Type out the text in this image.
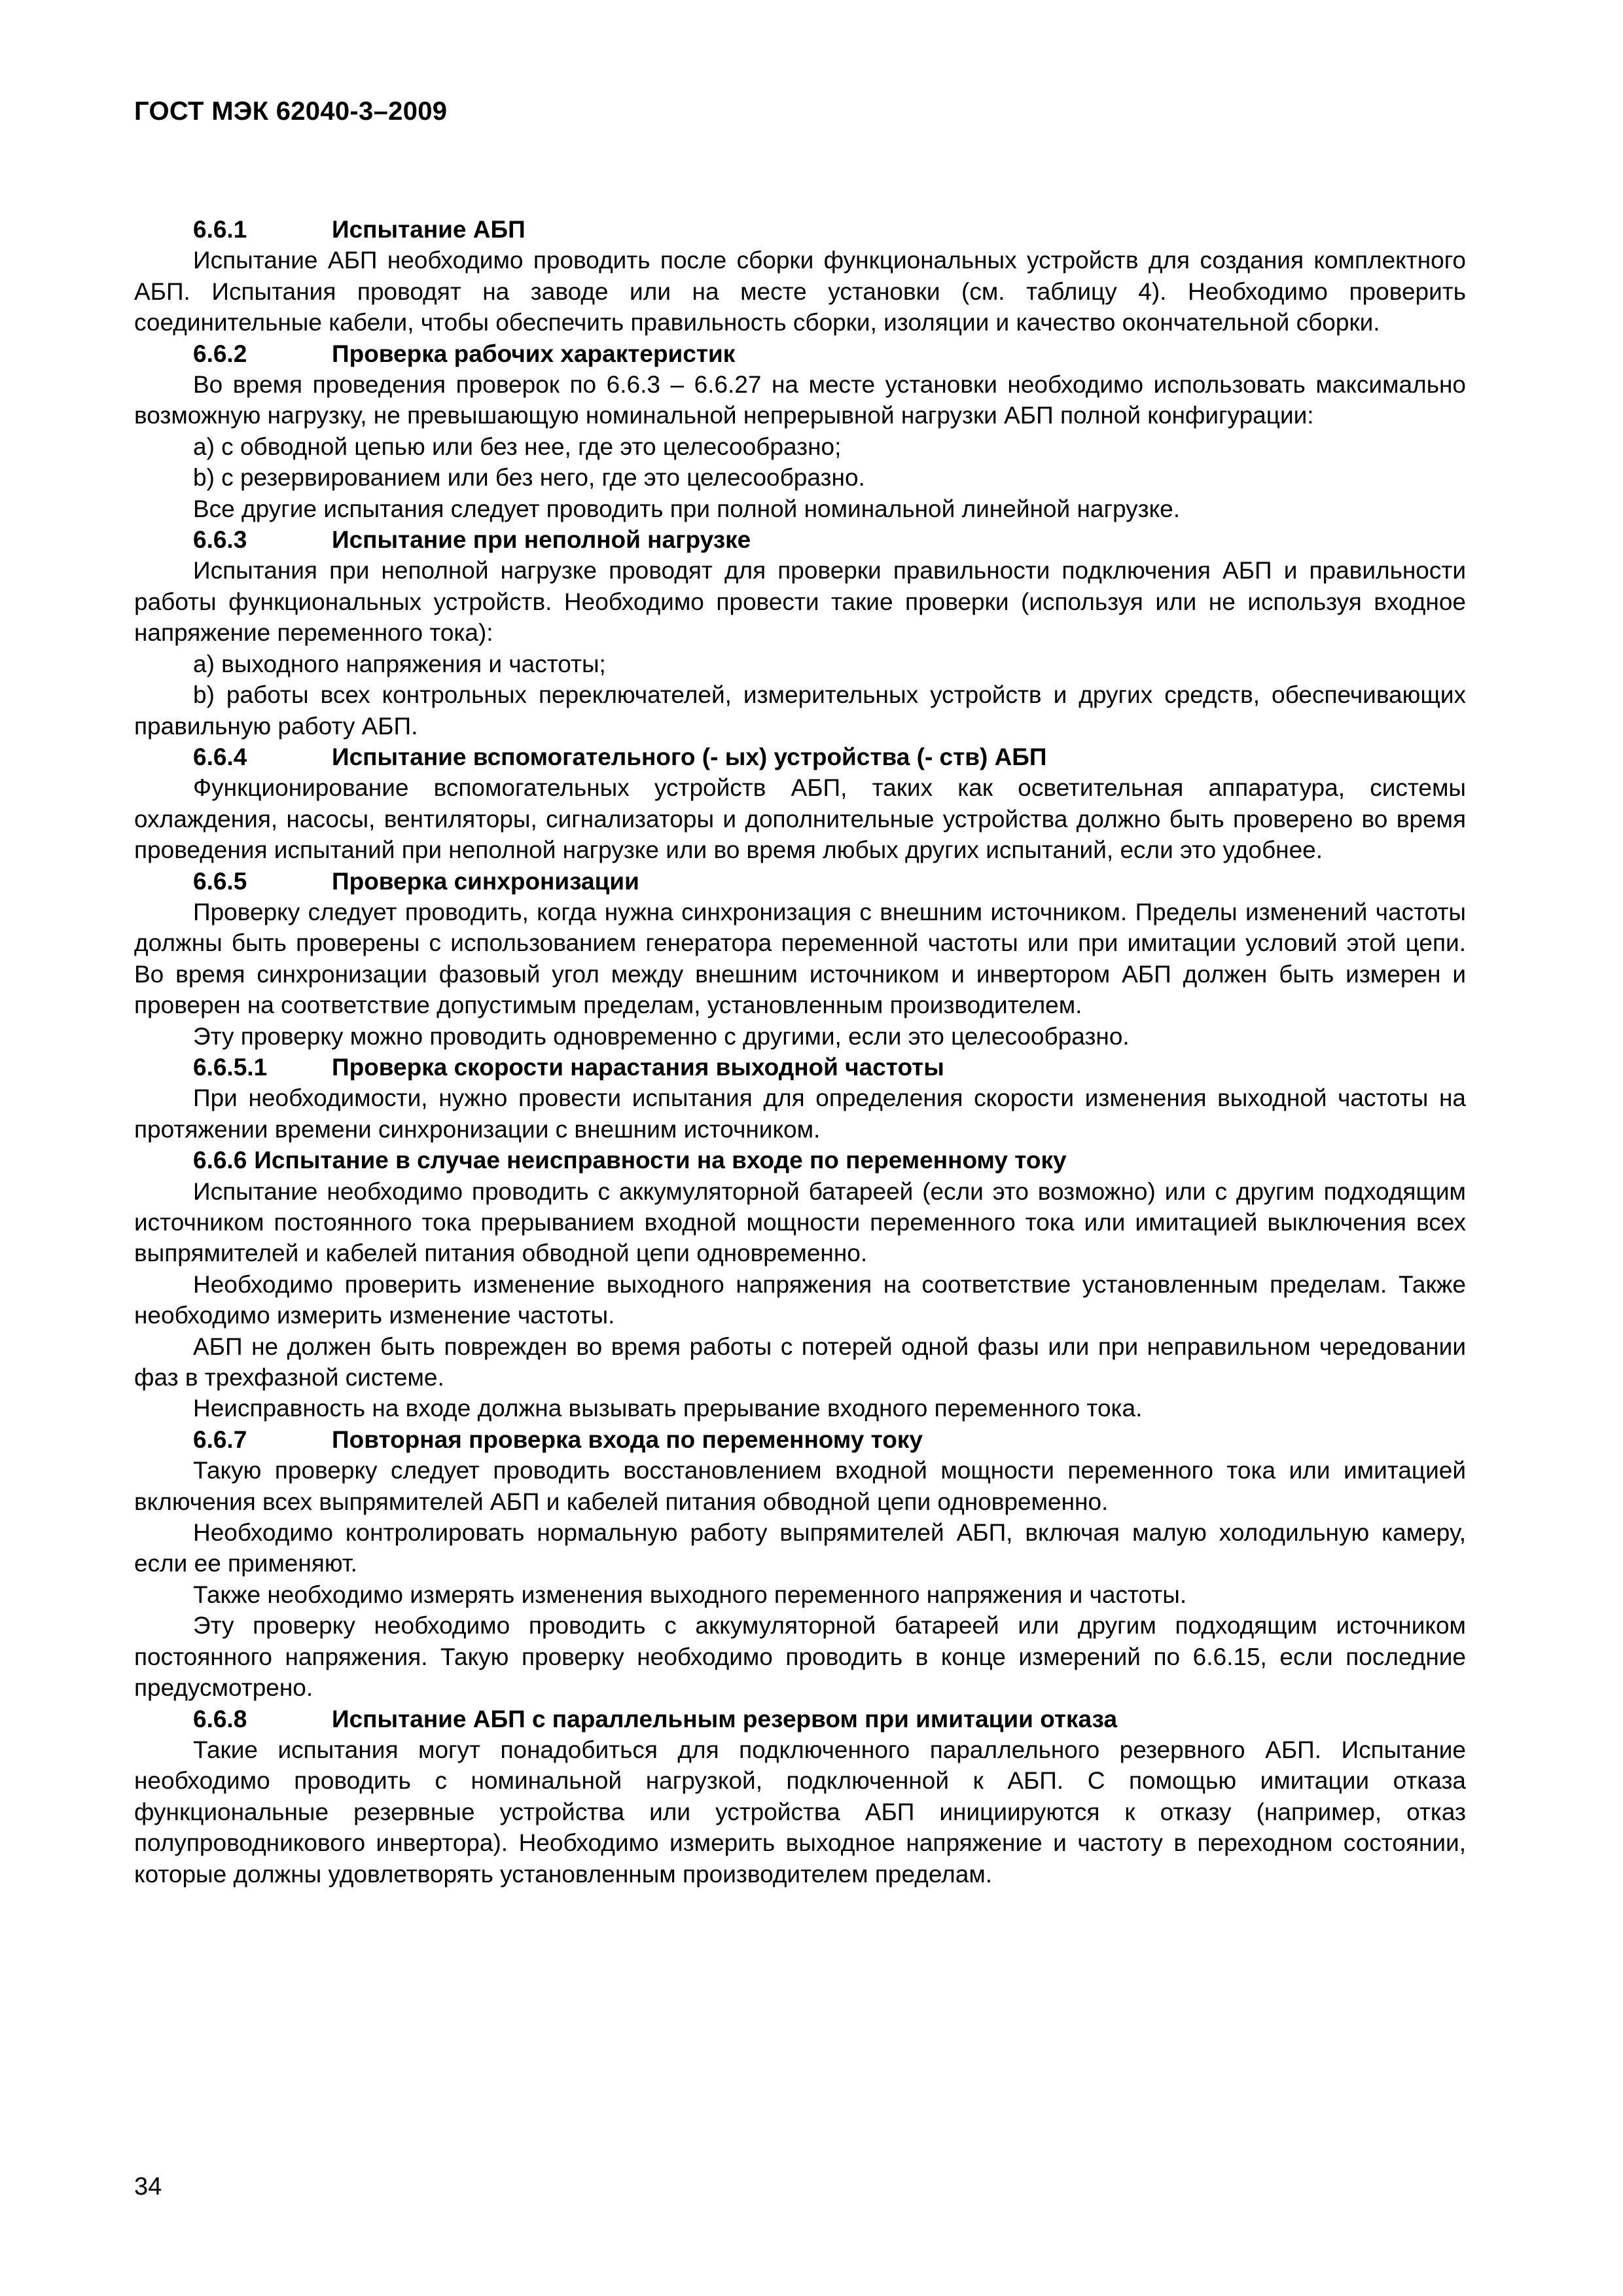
ГОСТ МЭК 62040-3–2009
6.6.1	Испытание АБП

Испытание АБП необходимо проводить после сборки функциональных устройств для создания комплектного АБП. Испытания проводят на заводе или на месте установки (см. таблицу 4). Необходимо проверить соединительные кабели, чтобы обеспечить правильность сборки, изоляции и качество окончательной сборки.

6.6.2	Проверка рабочих характеристик

Во время проведения проверок по 6.6.3 – 6.6.27 на месте установки необходимо использовать максимально возможную нагрузку, не превышающую номинальной непрерывной нагрузки АБП полной конфигурации:

a) с обводной цепью или без нее, где это целесообразно;

b) с резервированием или без него, где это целесообразно.

Все другие испытания следует проводить при полной номинальной линейной нагрузке.

6.6.3	Испытание при неполной нагрузке

Испытания при неполной нагрузке проводят для проверки правильности подключения АБП и правильности работы функциональных устройств. Необходимо провести такие проверки (используя или не используя входное напряжение переменного тока):

a) выходного напряжения и частоты;

b) работы всех контрольных переключателей, измерительных устройств и других средств, обеспечивающих правильную работу АБП.

6.6.4	Испытание вспомогательного (- ых) устройства (- ств) АБП

Функционирование вспомогательных устройств АБП, таких как осветительная аппаратура, системы охлаждения, насосы, вентиляторы, сигнализаторы и дополнительные устройства должно быть проверено во время проведения испытаний при неполной нагрузке или во время любых других испытаний, если это удобнее.

6.6.5	Проверка синхронизации

Проверку следует проводить, когда нужна синхронизация с внешним источником. Пределы изменений частоты должны быть проверены с использованием генератора переменной частоты или при имитации условий этой цепи. Во время синхронизации фазовый угол между внешним источником и инвертором АБП должен быть измерен и проверен на соответствие допустимым пределам, установленным производителем.

Эту проверку можно проводить одновременно с другими, если это целесообразно.

6.6.5.1	Проверка скорости нарастания выходной частоты

При необходимости, нужно провести испытания для определения скорости изменения выходной частоты на протяжении времени синхронизации с внешним источником.

6.6.6 Испытание в случае неисправности на входе по переменному току

Испытание необходимо проводить с аккумуляторной батареей (если это возможно) или с другим подходящим источником постоянного тока прерыванием входной мощности переменного тока или имитацией выключения всех выпрямителей и кабелей питания обводной цепи одновременно.

Необходимо проверить изменение выходного напряжения на соответствие установленным пределам. Также необходимо измерить изменение частоты.

АБП не должен быть поврежден во время работы с потерей одной фазы или при неправильном чередовании фаз в трехфазной системе.

Неисправность на входе должна вызывать прерывание входного переменного тока.

6.6.7	Повторная проверка входа по переменному току

Такую проверку следует проводить восстановлением входной мощности переменного тока или имитацией включения всех выпрямителей АБП и кабелей питания обводной цепи одновременно.

Необходимо контролировать нормальную работу выпрямителей АБП, включая малую холодильную камеру, если ее применяют.

Также необходимо измерять изменения выходного переменного напряжения и частоты.

Эту проверку необходимо проводить с аккумуляторной батареей или другим подходящим источником постоянного напряжения. Такую проверку необходимо проводить в конце измерений по 6.6.15, если последние предусмотрено.

6.6.8	Испытание АБП с параллельным резервом при имитации отказа

Такие испытания могут понадобиться для подключенного параллельного резервного АБП. Испытание необходимо проводить с номинальной нагрузкой, подключенной к АБП. С помощью имитации отказа функциональные резервные устройства или устройства АБП инициируются к отказу (например, отказ полупроводникового инвертора). Необходимо измерить выходное напряжение и частоту в переходном состоянии, которые должны удовлетворять установленным производителем пределам.

34
